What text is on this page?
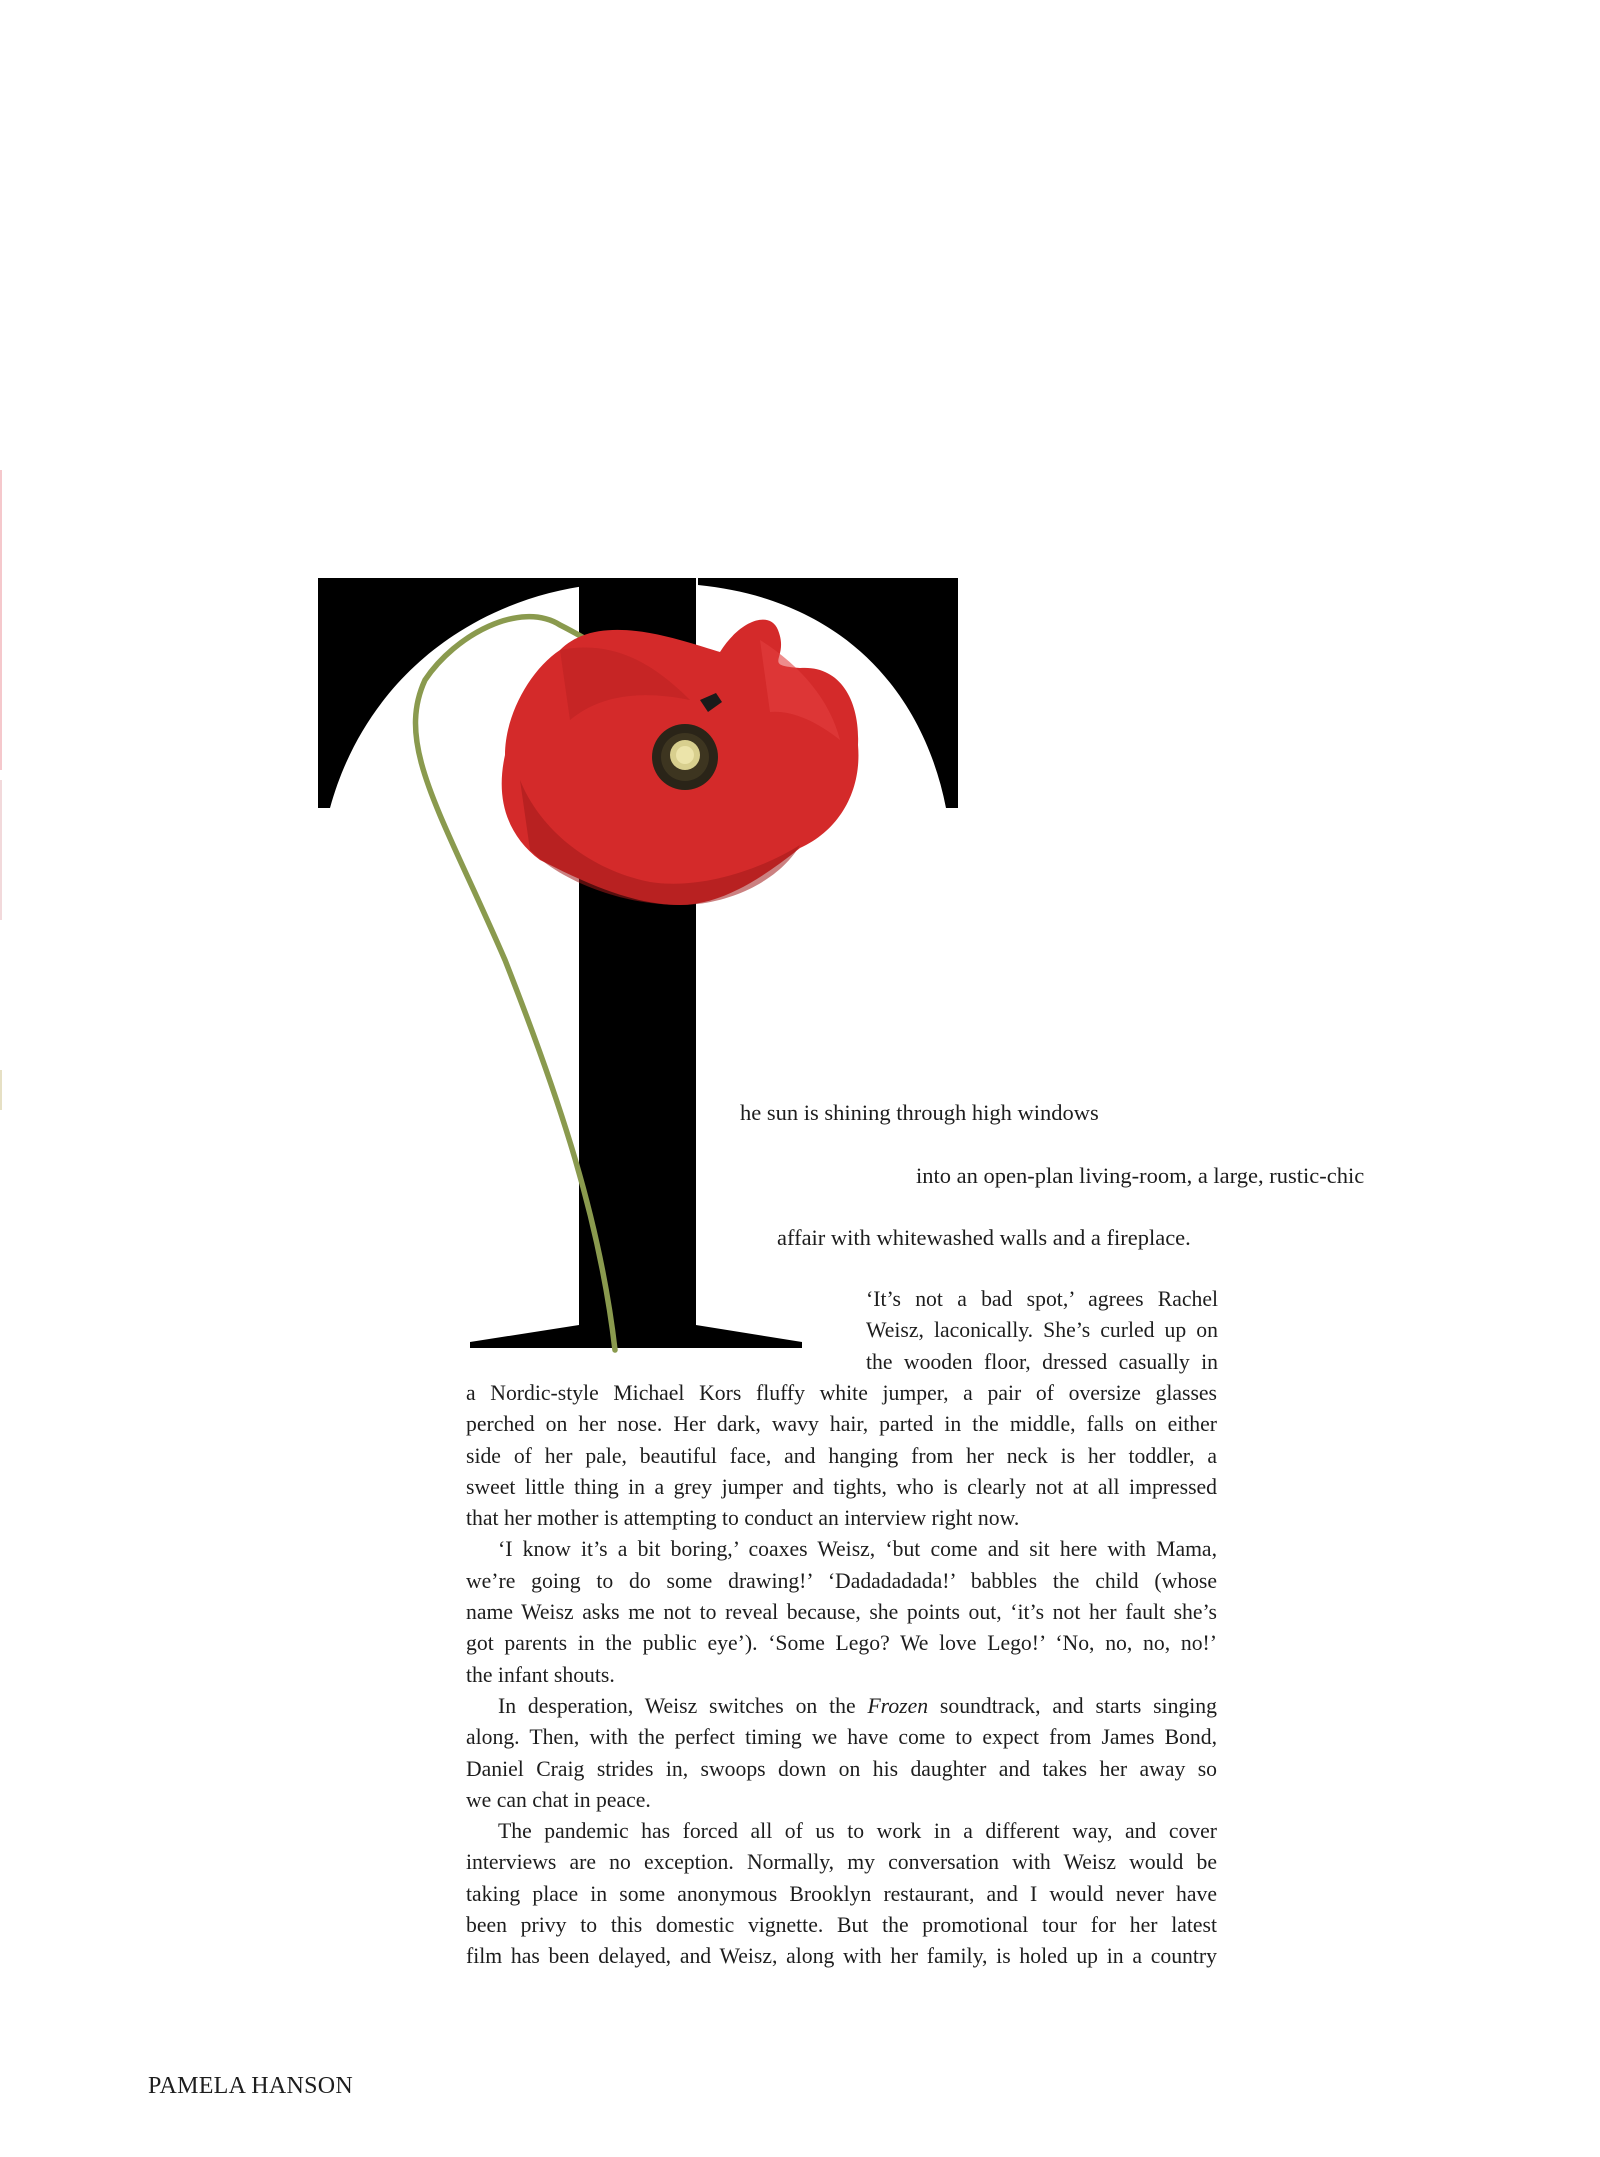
he sun is shining through high windows
into an open-plan living-room, a large, rustic-chic
affair with whitewashed walls and a fireplace.
‘It’s not a bad spot,’ agrees Rachel
Weisz, laconically. She’s curled up on
the wooden floor, dressed casually in
a Nordic-style Michael Kors fluffy white jumper, a pair of oversize glasses
perched on her nose. Her dark, wavy hair, parted in the middle, falls on either
side of her pale, beautiful face, and hanging from her neck is her toddler, a
sweet little thing in a grey jumper and tights, who is clearly not at all impressed
that her mother is attempting to conduct an interview right now.
‘I know it’s a bit boring,’ coaxes Weisz, ‘but come and sit here with Mama,
we’re going to do some drawing!’ ‘Dadadadada!’ babbles the child (whose
name Weisz asks me not to reveal because, she points out, ‘it’s not her fault she’s
got parents in the public eye’). ‘Some Lego? We love Lego!’ ‘No, no, no, no!’
the infant shouts.
In desperation, Weisz switches on the Frozen soundtrack, and starts singing
along. Then, with the perfect timing we have come to expect from James Bond,
Daniel Craig strides in, swoops down on his daughter and takes her away so
we can chat in peace.
The pandemic has forced all of us to work in a different way, and cover
interviews are no exception. Normally, my conversation with Weisz would be
taking place in some anonymous Brooklyn restaurant, and I would never have
been privy to this domestic vignette. But the promotional tour for her latest
film has been delayed, and Weisz, along with her family, is holed up in a country
PAMELA HANSON
